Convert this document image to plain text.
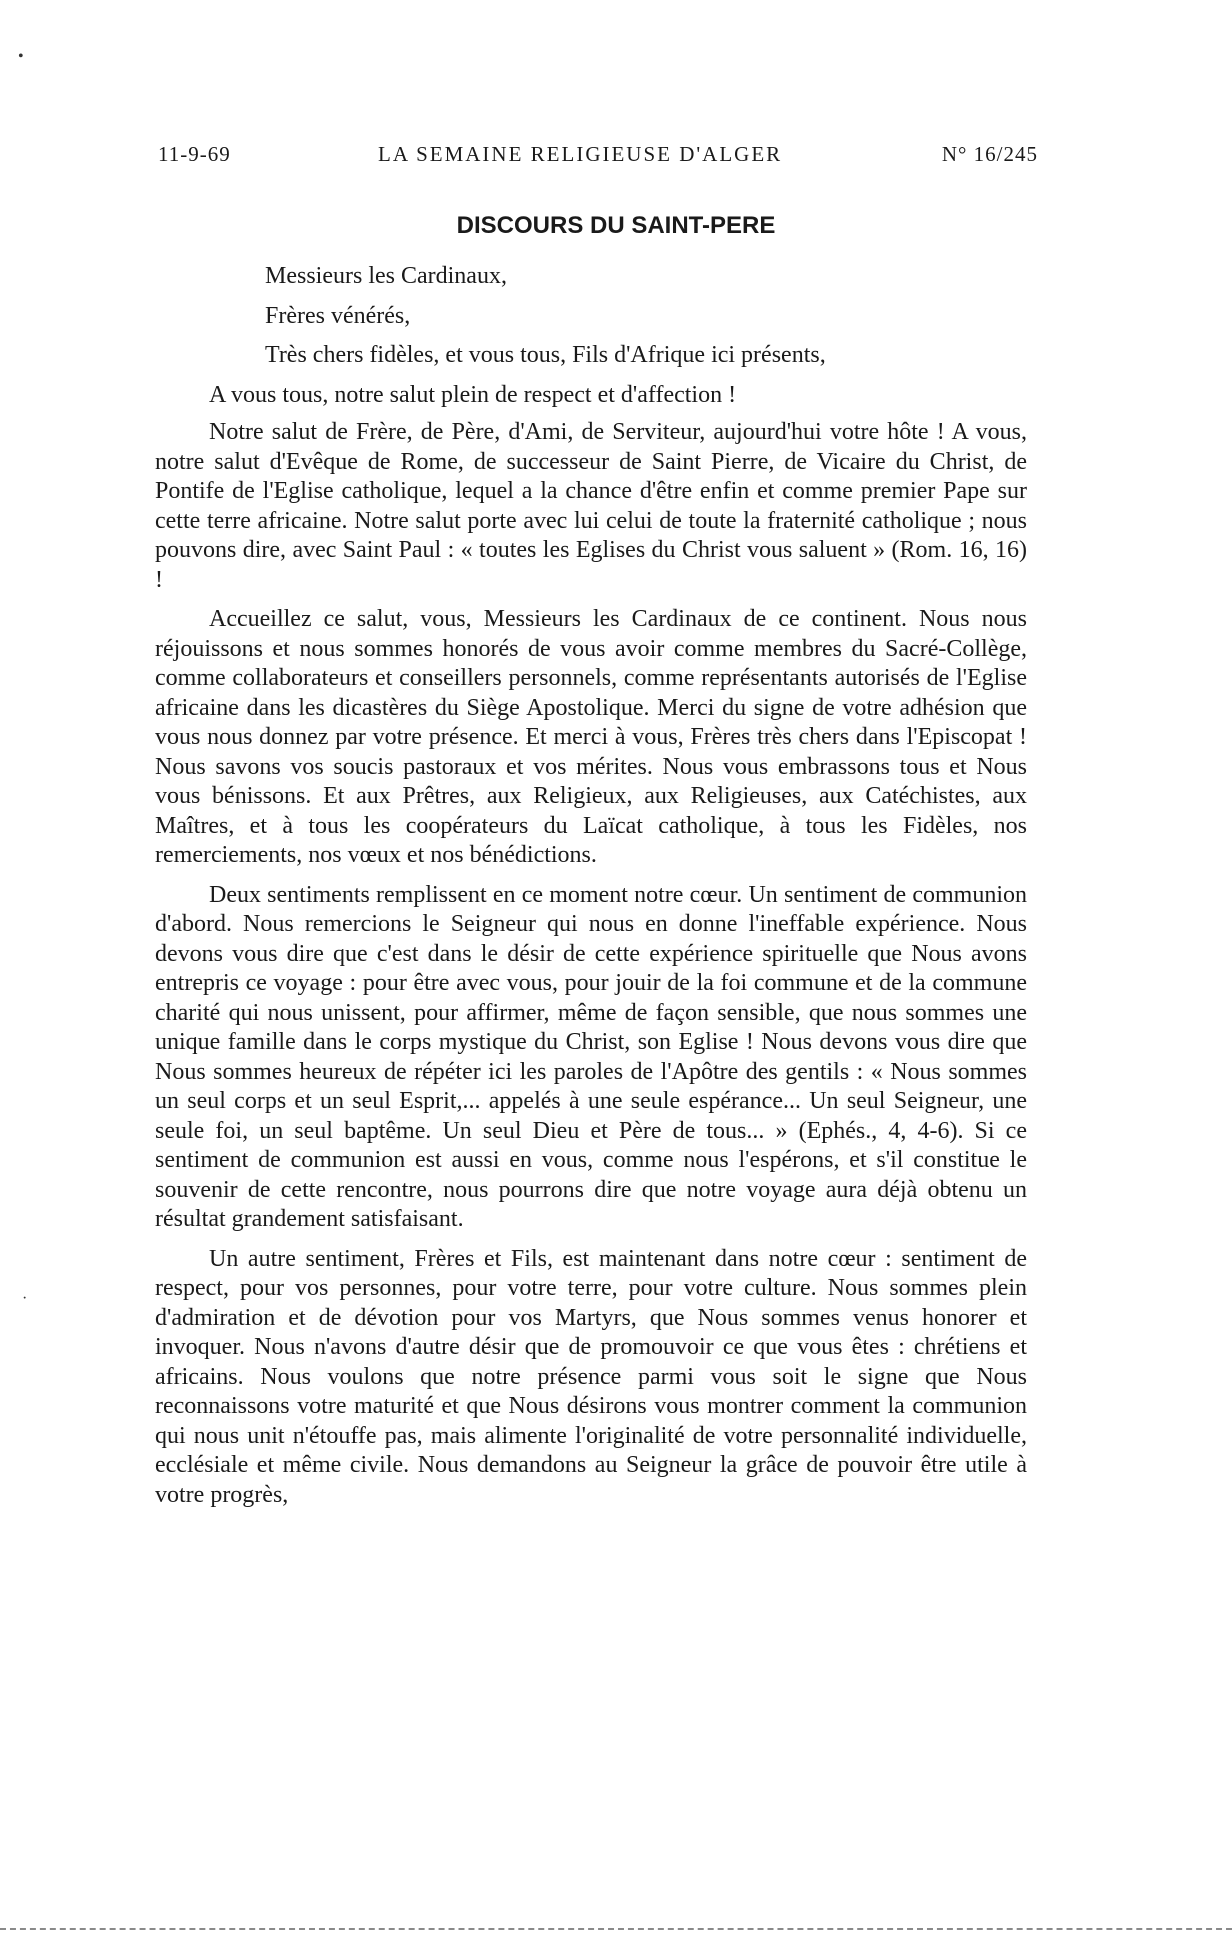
•
·
11-9-69	LA SEMAINE RELIGIEUSE D'ALGER	N° 16/245
DISCOURS DU SAINT-PERE
Messieurs les Cardinaux,
Frères vénérés,
Très chers fidèles, et vous tous, Fils d'Afrique ici présents,
A vous tous, notre salut plein de respect et d'affection !

Notre salut de Frère, de Père, d'Ami, de Serviteur, aujourd'hui votre hôte ! A vous, notre salut d'Evêque de Rome, de successeur de Saint Pierre, de Vicaire du Christ, de Pontife de l'Eglise catholique, lequel a la chance d'être enfin et comme premier Pape sur cette terre africaine. Notre salut porte avec lui celui de toute la fraternité catholique ; nous pouvons dire, avec Saint Paul : « toutes les Eglises du Christ vous saluent » (Rom. 16, 16) !

Accueillez ce salut, vous, Messieurs les Cardinaux de ce continent. Nous nous réjouissons et nous sommes honorés de vous avoir comme membres du Sacré-Collège, comme collaborateurs et conseillers personnels, comme représentants autorisés de l'Eglise africaine dans les dicastères du Siège Apostolique. Merci du signe de votre adhésion que vous nous donnez par votre présence. Et merci à vous, Frères très chers dans l'Episcopat ! Nous savons vos soucis pastoraux et vos mérites. Nous vous embrassons tous et Nous vous bénissons. Et aux Prêtres, aux Religieux, aux Religieuses, aux Catéchistes, aux Maîtres, et à tous les coopérateurs du Laïcat catholique, à tous les Fidèles, nos remerciements, nos vœux et nos bénédictions.

Deux sentiments remplissent en ce moment notre cœur. Un sentiment de communion d'abord. Nous remercions le Seigneur qui nous en donne l'ineffable expérience. Nous devons vous dire que c'est dans le désir de cette expérience spirituelle que Nous avons entrepris ce voyage : pour être avec vous, pour jouir de la foi commune et de la commune charité qui nous unissent, pour affirmer, même de façon sensible, que nous sommes une unique famille dans le corps mystique du Christ, son Eglise ! Nous devons vous dire que Nous sommes heureux de répéter ici les paroles de l'Apôtre des gentils : « Nous sommes un seul corps et un seul Esprit,... appelés à une seule espérance... Un seul Seigneur, une seule foi, un seul baptême. Un seul Dieu et Père de tous... » (Ephés., 4, 4-6). Si ce sentiment de communion est aussi en vous, comme nous l'espérons, et s'il constitue le souvenir de cette rencontre, nous pourrons dire que notre voyage aura déjà obtenu un résultat grandement satisfaisant.

Un autre sentiment, Frères et Fils, est maintenant dans notre cœur : sentiment de respect, pour vos personnes, pour votre terre, pour votre culture. Nous sommes plein d'admiration et de dévotion pour vos Martyrs, que Nous sommes venus honorer et invoquer. Nous n'avons d'autre désir que de promouvoir ce que vous êtes : chrétiens et africains. Nous voulons que notre présence parmi vous soit le signe que Nous reconnaissons votre maturité et que Nous désirons vous montrer comment la communion qui nous unit n'étouffe pas, mais alimente l'originalité de votre personnalité individuelle, ecclésiale et même civile. Nous demandons au Seigneur la grâce de pouvoir être utile à votre progrès,
